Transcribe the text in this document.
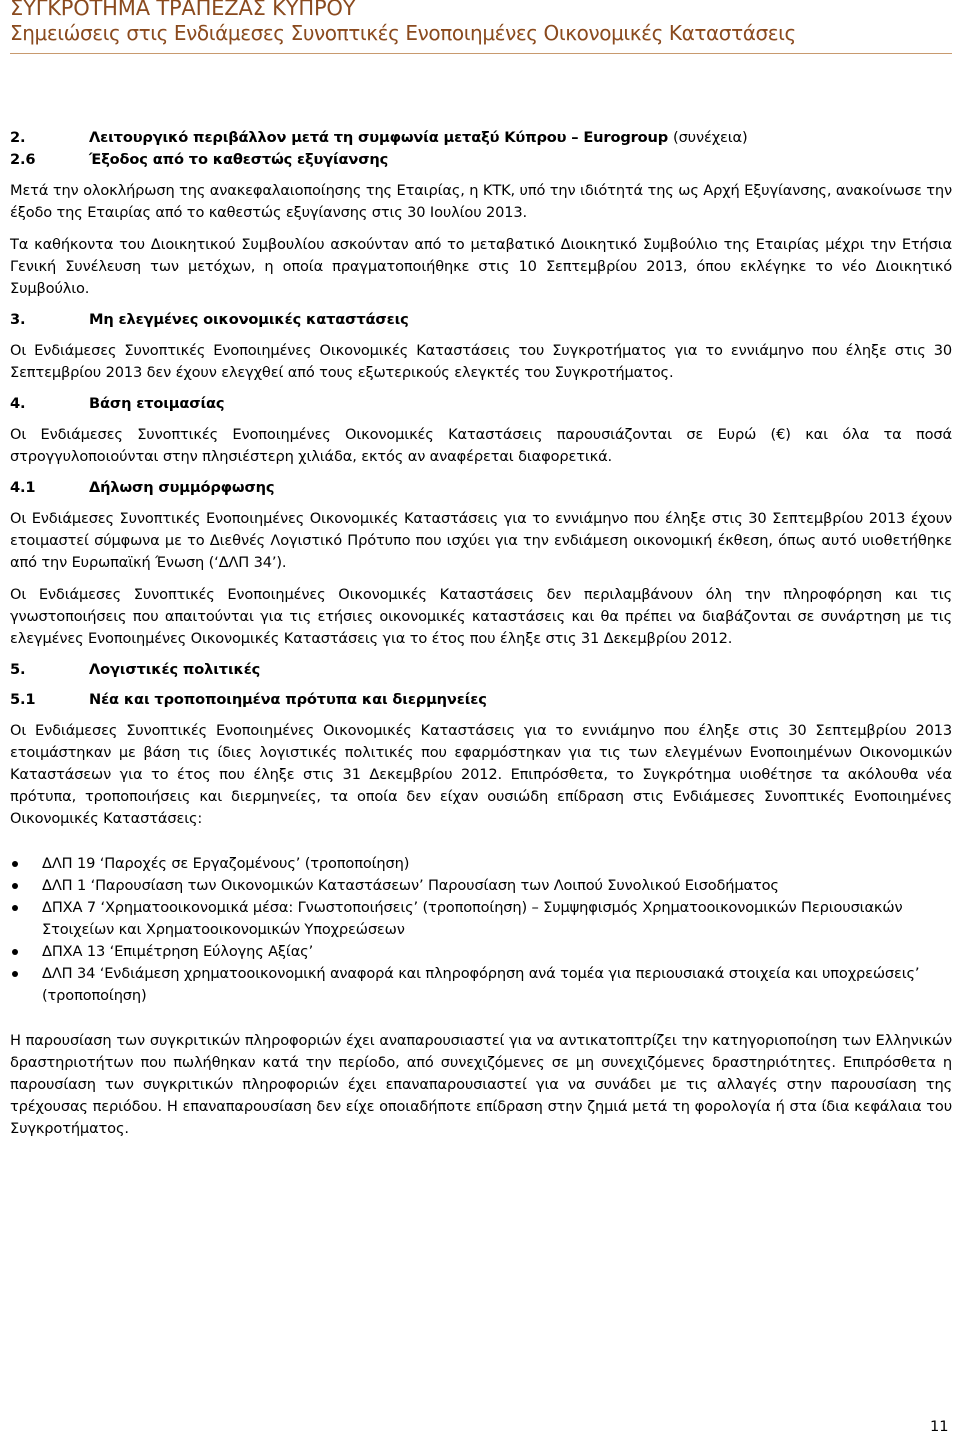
ΣΥΓΚΡΟΤΗΜΑ ΤΡΑΠΕΖΑΣ ΚΥΠΡΟΥ
Σημειώσεις στις Ενδιάμεσες Συνοπτικές Ενοποιημένες Οικονομικές Καταστάσεις
2.	Λειτουργικό περιβάλλον μετά τη συμφωνία μεταξύ Κύπρου – Eurogroup
(συνέχεια)
2.6	Έξοδος από το καθεστώς εξυγίανσης

Μετά την ολοκλήρωση της ανακεφαλαιοποίησης της Εταιρίας, η ΚΤΚ, υπό την ιδιότητά της ως Αρχή Εξυγίανσης, ανακοίνωσε την έξοδο της Εταιρίας από το καθεστώς εξυγίανσης στις 30 Ιουλίου 2013.

Τα καθήκοντα του Διοικητικού Συμβουλίου ασκούνταν από το μεταβατικό Διοικητικό Συμβούλιο της Εταιρίας μέχρι την Ετήσια Γενική Συνέλευση των μετόχων, η οποία πραγματοποιήθηκε στις 10 Σεπτεμβρίου 2013, όπου εκλέγηκε το νέο Διοικητικό Συμβούλιο.

3.	Μη ελεγμένες οικονομικές καταστάσεις

Οι Ενδιάμεσες Συνοπτικές Ενοποιημένες Οικονομικές Καταστάσεις του Συγκροτήματος για το εννιάμηνο που έληξε στις 30 Σεπτεμβρίου 2013 δεν έχουν ελεγχθεί από τους εξωτερικούς ελεγκτές του Συγκροτήματος.

4.	Βάση ετοιμασίας

Οι Ενδιάμεσες Συνοπτικές Ενοποιημένες Οικονομικές Καταστάσεις παρουσιάζονται σε Ευρώ (€) και όλα τα ποσά στρογγυλοποιούνται στην πλησιέστερη χιλιάδα, εκτός αν αναφέρεται διαφορετικά.

4.1	Δήλωση συμμόρφωσης

Οι Ενδιάμεσες Συνοπτικές Ενοποιημένες Οικονομικές Καταστάσεις για το εννιάμηνο που έληξε στις 30 Σεπτεμβρίου 2013 έχουν ετοιμαστεί σύμφωνα με το Διεθνές Λογιστικό Πρότυπο που ισχύει για την ενδιάμεση οικονομική έκθεση, όπως αυτό υιοθετήθηκε από την Ευρωπαϊκή Ένωση (‘ΔΛΠ 34’).

Οι Ενδιάμεσες Συνοπτικές Ενοποιημένες Οικονομικές Καταστάσεις δεν περιλαμβάνουν όλη την πληροφόρηση και τις γνωστοποιήσεις που απαιτούνται για τις ετήσιες οικονομικές καταστάσεις και θα πρέπει να διαβάζονται σε συνάρτηση με τις ελεγμένες Ενοποιημένες Οικονομικές Καταστάσεις για το έτος που έληξε στις 31 Δεκεμβρίου 2012.

5.	Λογιστικές πολιτικές
5.1	Νέα και τροποποιημένα πρότυπα και διερμηνείες

Οι Ενδιάμεσες Συνοπτικές Ενοποιημένες Οικονομικές Καταστάσεις για το εννιάμηνο που έληξε στις 30 Σεπτεμβρίου 2013 ετοιμάστηκαν με βάση τις ίδιες λογιστικές πολιτικές που εφαρμόστηκαν για τις των ελεγμένων Ενοποιημένων Οικονομικών Καταστάσεων για το έτος που έληξε στις 31 Δεκεμβρίου 2012. Επιπρόσθετα, το Συγκρότημα υιοθέτησε τα ακόλουθα νέα πρότυπα, τροποποιήσεις και διερμηνείες, τα οποία δεν είχαν ουσιώδη επίδραση στις Ενδιάμεσες Συνοπτικές Ενοποιημένες Οικονομικές Καταστάσεις:

ΔΛΠ 19 ‘Παροχές σε Εργαζομένους’ (τροποποίηση)
ΔΛΠ 1 ‘Παρουσίαση των Οικονομικών Καταστάσεων’ Παρουσίαση των Λοιπού Συνολικού Εισοδήματος
ΔΠΧΑ 7 ‘Χρηματοοικονομικά μέσα: Γνωστοποιήσεις’ (τροποποίηση) – Συμψηφισμός Χρηματοοικονομικών Περιουσιακών Στοιχείων και Χρηματοοικονομικών Υποχρεώσεων
ΔΠΧΑ 13 ‘Επιμέτρηση Εύλογης Αξίας’
ΔΛΠ 34 ‘Ενδιάμεση χρηματοοικονομική αναφορά και πληροφόρηση ανά τομέα για περιουσιακά στοιχεία και υποχρεώσεις’ (τροποποίηση)

Η παρουσίαση των συγκριτικών πληροφοριών έχει αναπαρουσιαστεί για να αντικατοπτρίζει την κατηγοριοποίηση των Ελληνικών δραστηριοτήτων που πωλήθηκαν κατά την περίοδο, από συνεχιζόμενες σε μη συνεχιζόμενες δραστηριότητες. Επιπρόσθετα η παρουσίαση των συγκριτικών πληροφοριών έχει επαναπαρουσιαστεί για να συνάδει με τις αλλαγές στην παρουσίαση της τρέχουσας περιόδου. Η επαναπαρουσίαση δεν είχε οποιαδήποτε επίδραση στην ζημιά μετά τη φορολογία ή στα ίδια κεφάλαια του Συγκροτήματος.

11
